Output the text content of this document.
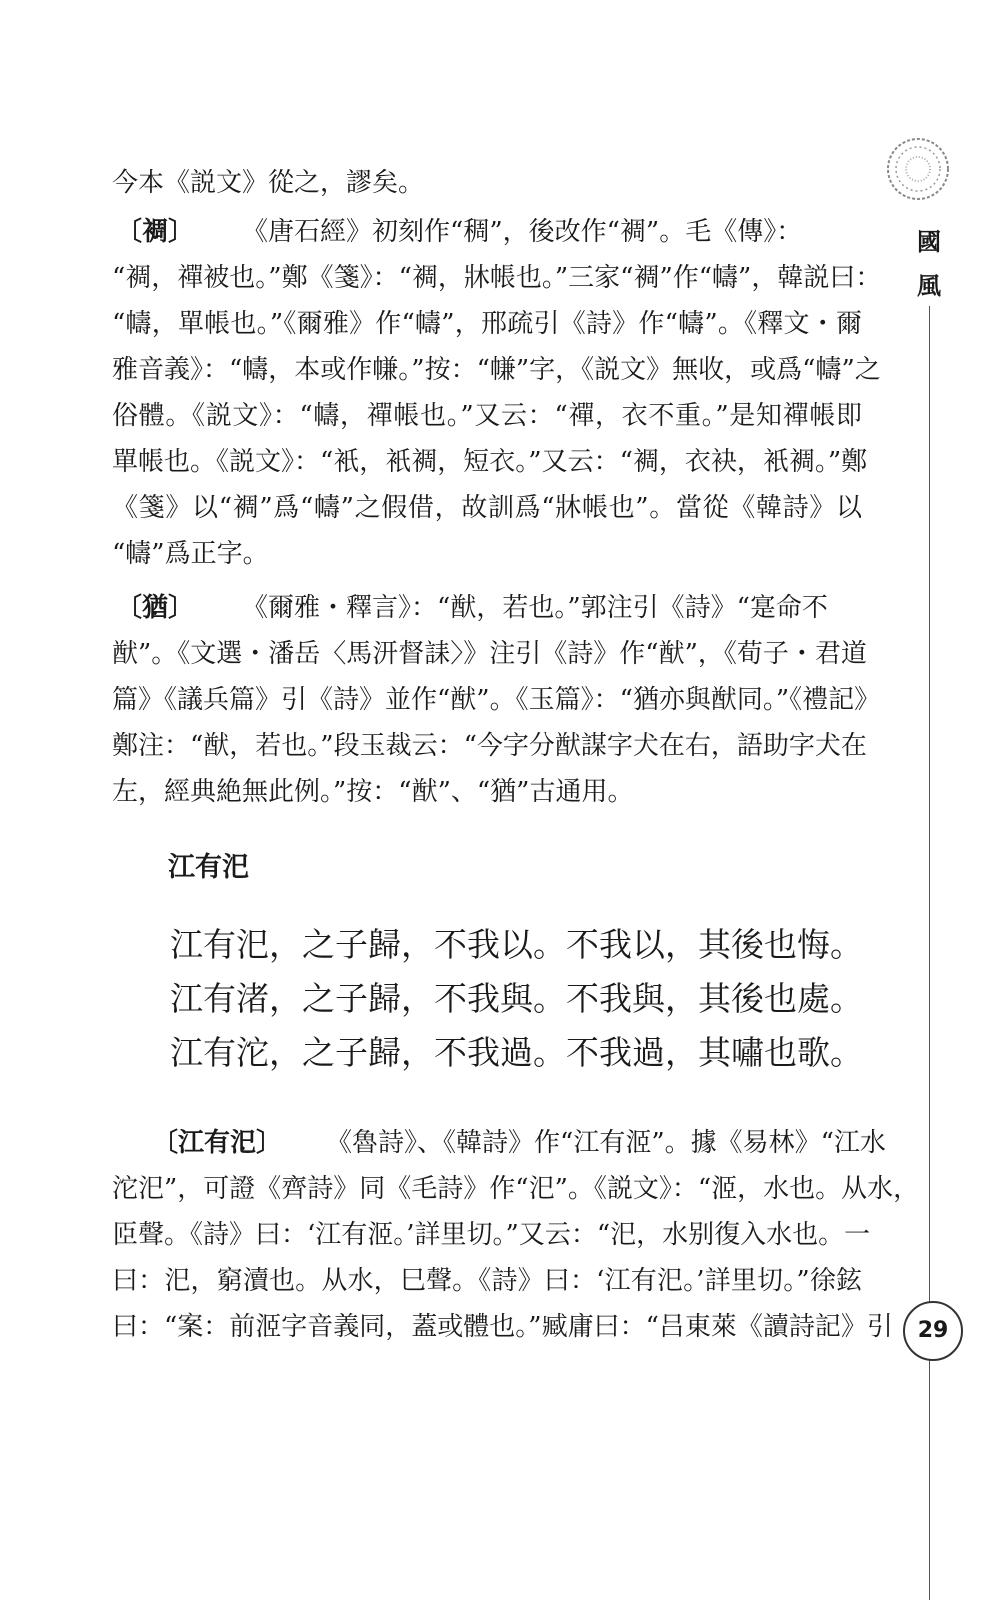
國
風
29
今本《説文》從之，謬矣。
〔裯 •〕 《唐石經》初刻作“稠”，後改作“裯”。毛《傳》：
“裯，禪被也。”鄭《箋》：“裯，牀帳也。”三家“裯”作“幬”，韓説曰：
“幬，單帳也。”《爾雅》作“幬”，邢疏引《詩》作“幬”。《釋文・爾
雅音義》：“幬，本或作㡘。”按：“㡘”字，《説文》無收，或爲“幬”之
俗體。《説文》：“幬，禪帳也。”又云：“禪，衣不重。”是知禪帳即
單帳也。《説文》：“衹，衹裯，短衣。”又云：“裯，衣袂，衹裯。”鄭
《箋》以“裯”爲“幬”之假借，故訓爲“牀帳也”。當從《韓詩》以
“幬”爲正字。
〔猶 •〕 《爾雅・釋言》：“猷，若也。”郭注引《詩》“寔命不
猷”。《文選・潘岳〈馬汧督誄〉》注引《詩》作“猷”，《荀子・君道
篇》《議兵篇》引《詩》並作“猷”。《玉篇》：“猶亦與猷同。”《禮記》
鄭注：“猷，若也。”段玉裁云：“今字分猷謀字犬在右，語助字犬在
左，經典絶無此例。”按：“猷”、“猶”古通用。
江有汜
江有汜，之子歸，不我以。不我以，其後也悔。
江有渚，之子歸，不我與。不我與，其後也處。
江有沱，之子歸，不我過。不我過，其嘯也歌。
〔江有汜 •〕 《魯詩》、《韓詩》作“江有洍”。據《易林》“江水
沱汜”，可證《齊詩》同《毛詩》作“汜”。《説文》：“洍，水也。从水，
𦣝聲。《詩》曰：‘江有洍。’詳里切。”又云：“汜，水别復入水也。一
曰：汜，窮瀆也。从水，巳聲。《詩》曰：‘江有汜。’詳里切。”徐鉉
曰：“案：前洍字音義同，蓋或體也。”臧庸曰：“吕東萊《讀詩記》引
